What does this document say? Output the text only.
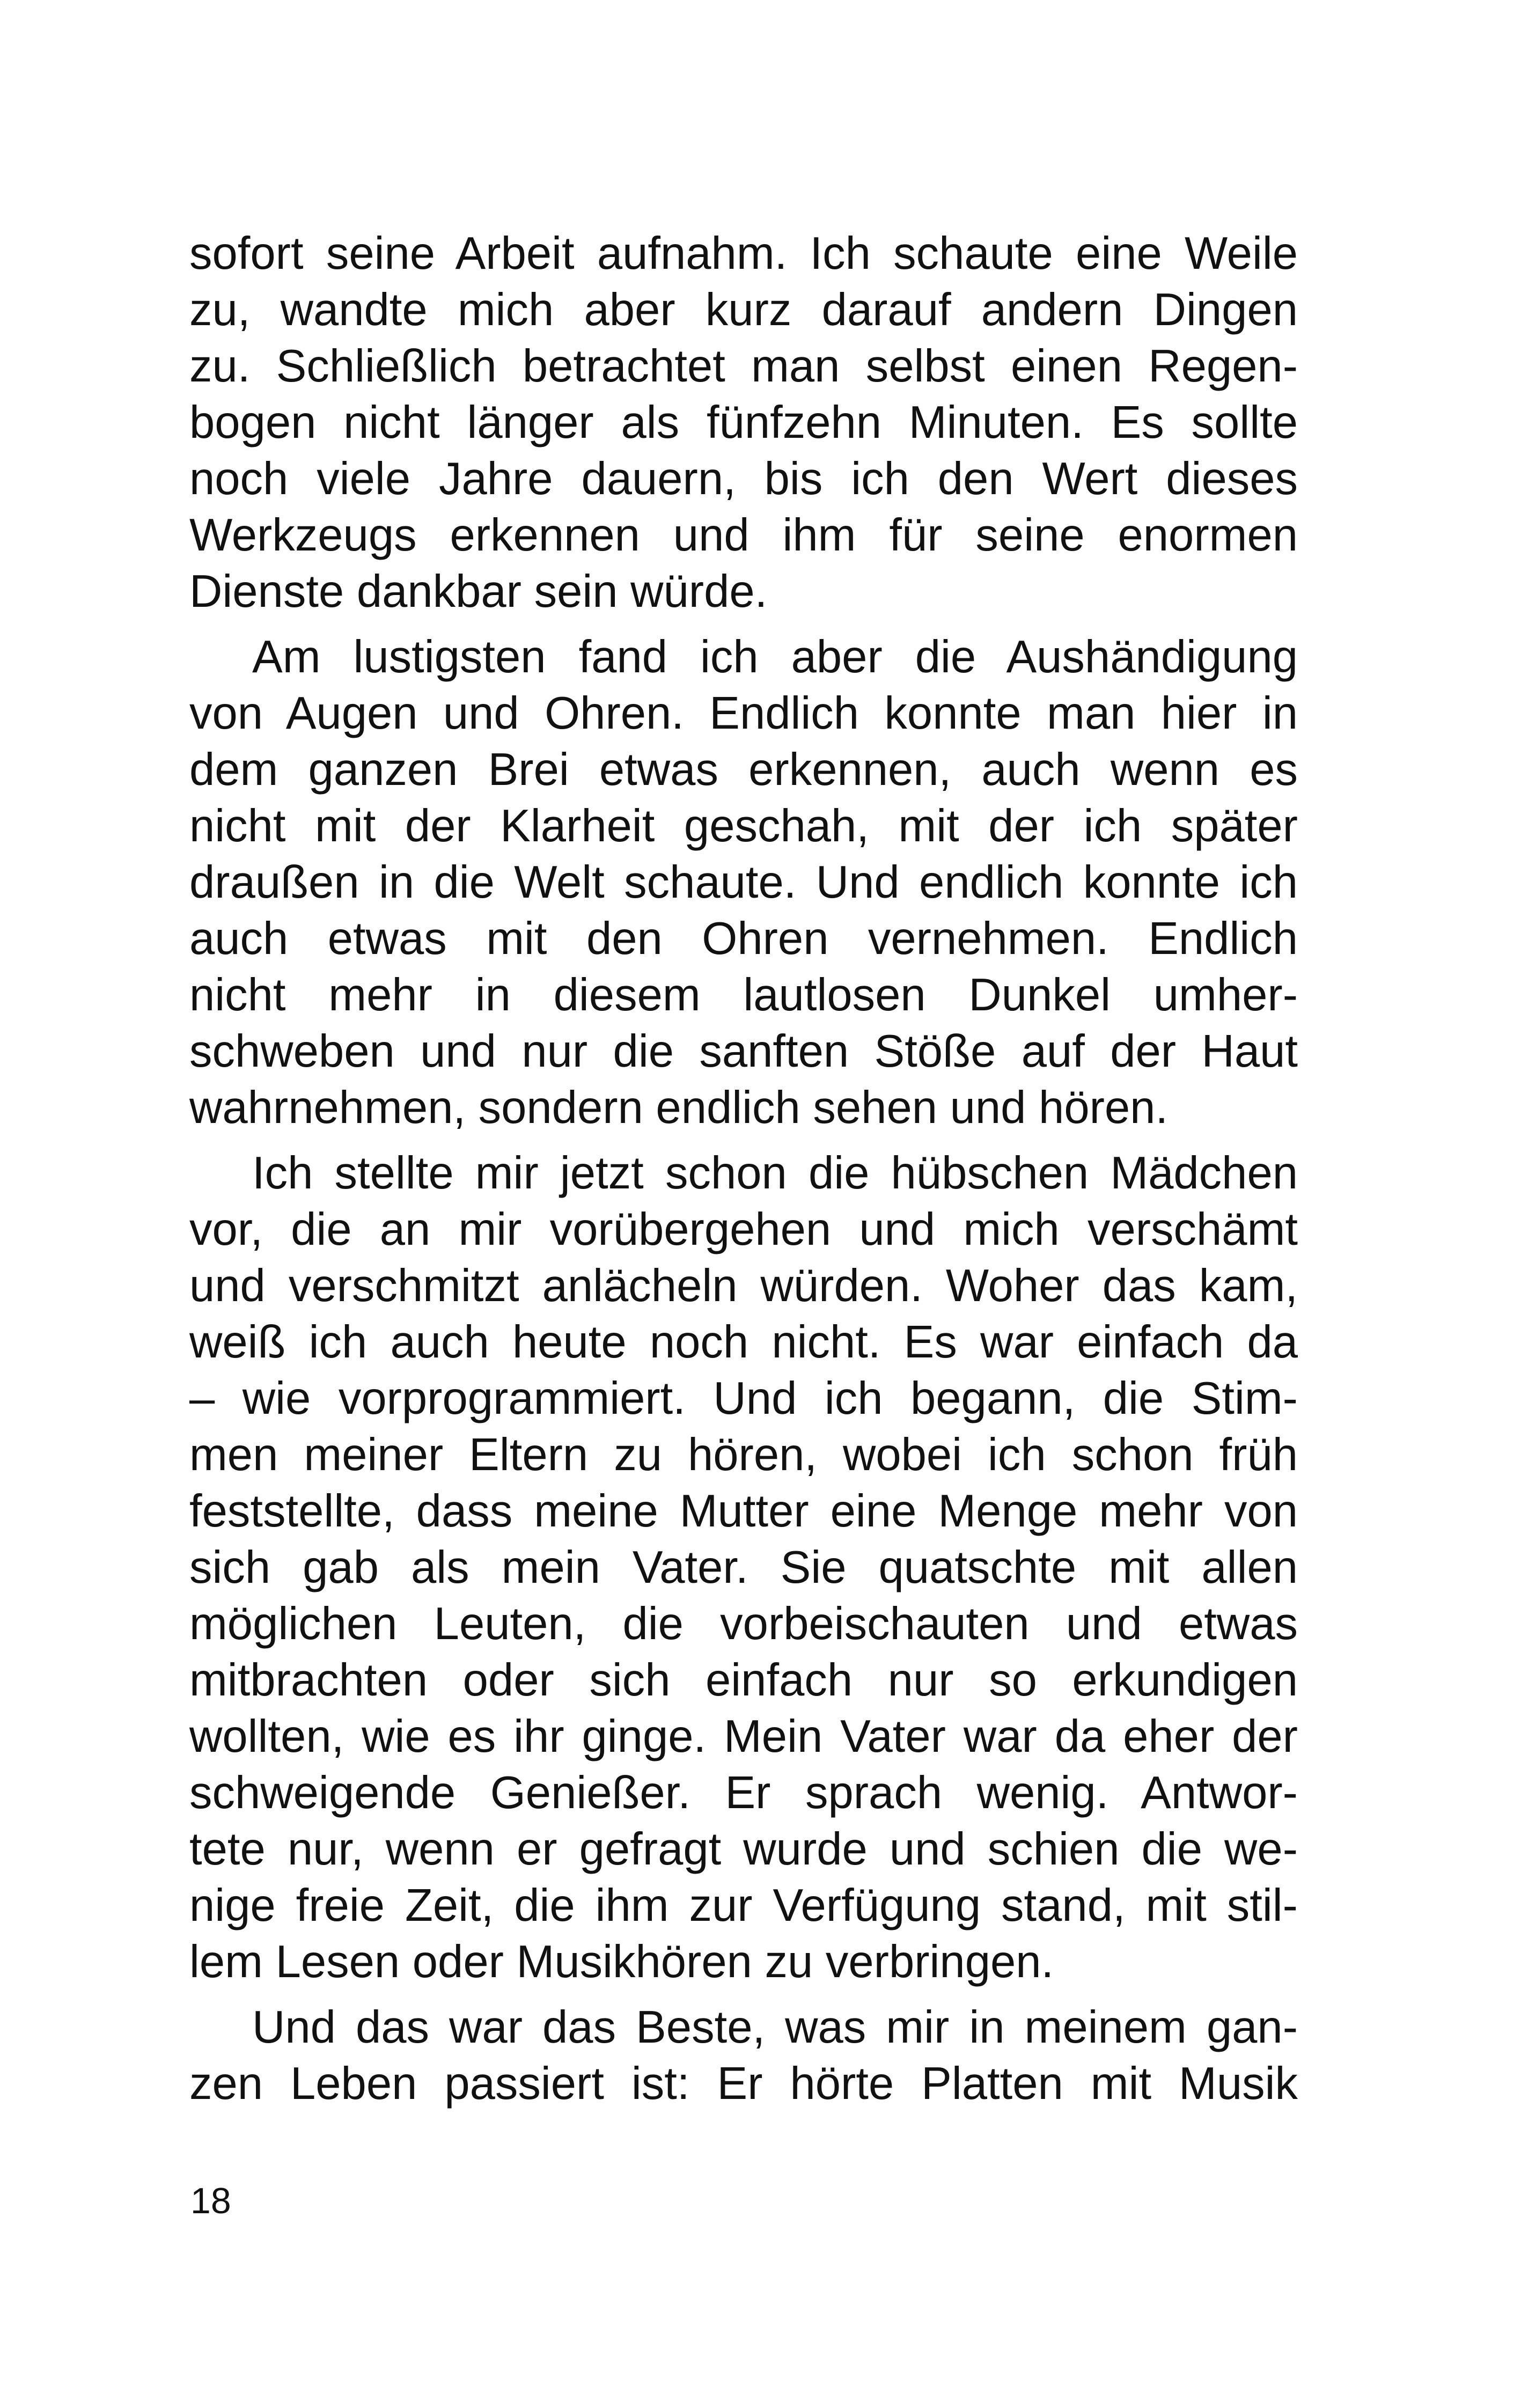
sofort seine Arbeit aufnahm. Ich schaute eine Weile
zu, wandte mich aber kurz darauf andern Dingen
zu. Schließlich betrachtet man selbst einen Regen-
bogen nicht länger als fünfzehn Minuten. Es sollte
noch viele Jahre dauern, bis ich den Wert dieses
Werkzeugs erkennen und ihm für seine enormen
Dienste dankbar sein würde.

Am lustigsten fand ich aber die Aushändigung
von Augen und Ohren. Endlich konnte man hier in
dem ganzen Brei etwas erkennen, auch wenn es
nicht mit der Klarheit geschah, mit der ich später
draußen in die Welt schaute. Und endlich konnte ich
auch etwas mit den Ohren vernehmen. Endlich
nicht mehr in diesem lautlosen Dunkel umher-
schweben und nur die sanften Stöße auf der Haut
wahrnehmen, sondern endlich sehen und hören.

Ich stellte mir jetzt schon die hübschen Mädchen
vor, die an mir vorübergehen und mich verschämt
und verschmitzt anlächeln würden. Woher das kam,
weiß ich auch heute noch nicht. Es war einfach da
– wie vorprogrammiert. Und ich begann, die Stim-
men meiner Eltern zu hören, wobei ich schon früh
feststellte, dass meine Mutter eine Menge mehr von
sich gab als mein Vater. Sie quatschte mit allen
möglichen Leuten, die vorbeischauten und etwas
mitbrachten oder sich einfach nur so erkundigen
wollten, wie es ihr ginge. Mein Vater war da eher der
schweigende Genießer. Er sprach wenig. Antwor-
tete nur, wenn er gefragt wurde und schien die we-
nige freie Zeit, die ihm zur Verfügung stand, mit stil-
lem Lesen oder Musikhören zu verbringen.

Und das war das Beste, was mir in meinem gan-
zen Leben passiert ist: Er hörte Platten mit Musik

18
